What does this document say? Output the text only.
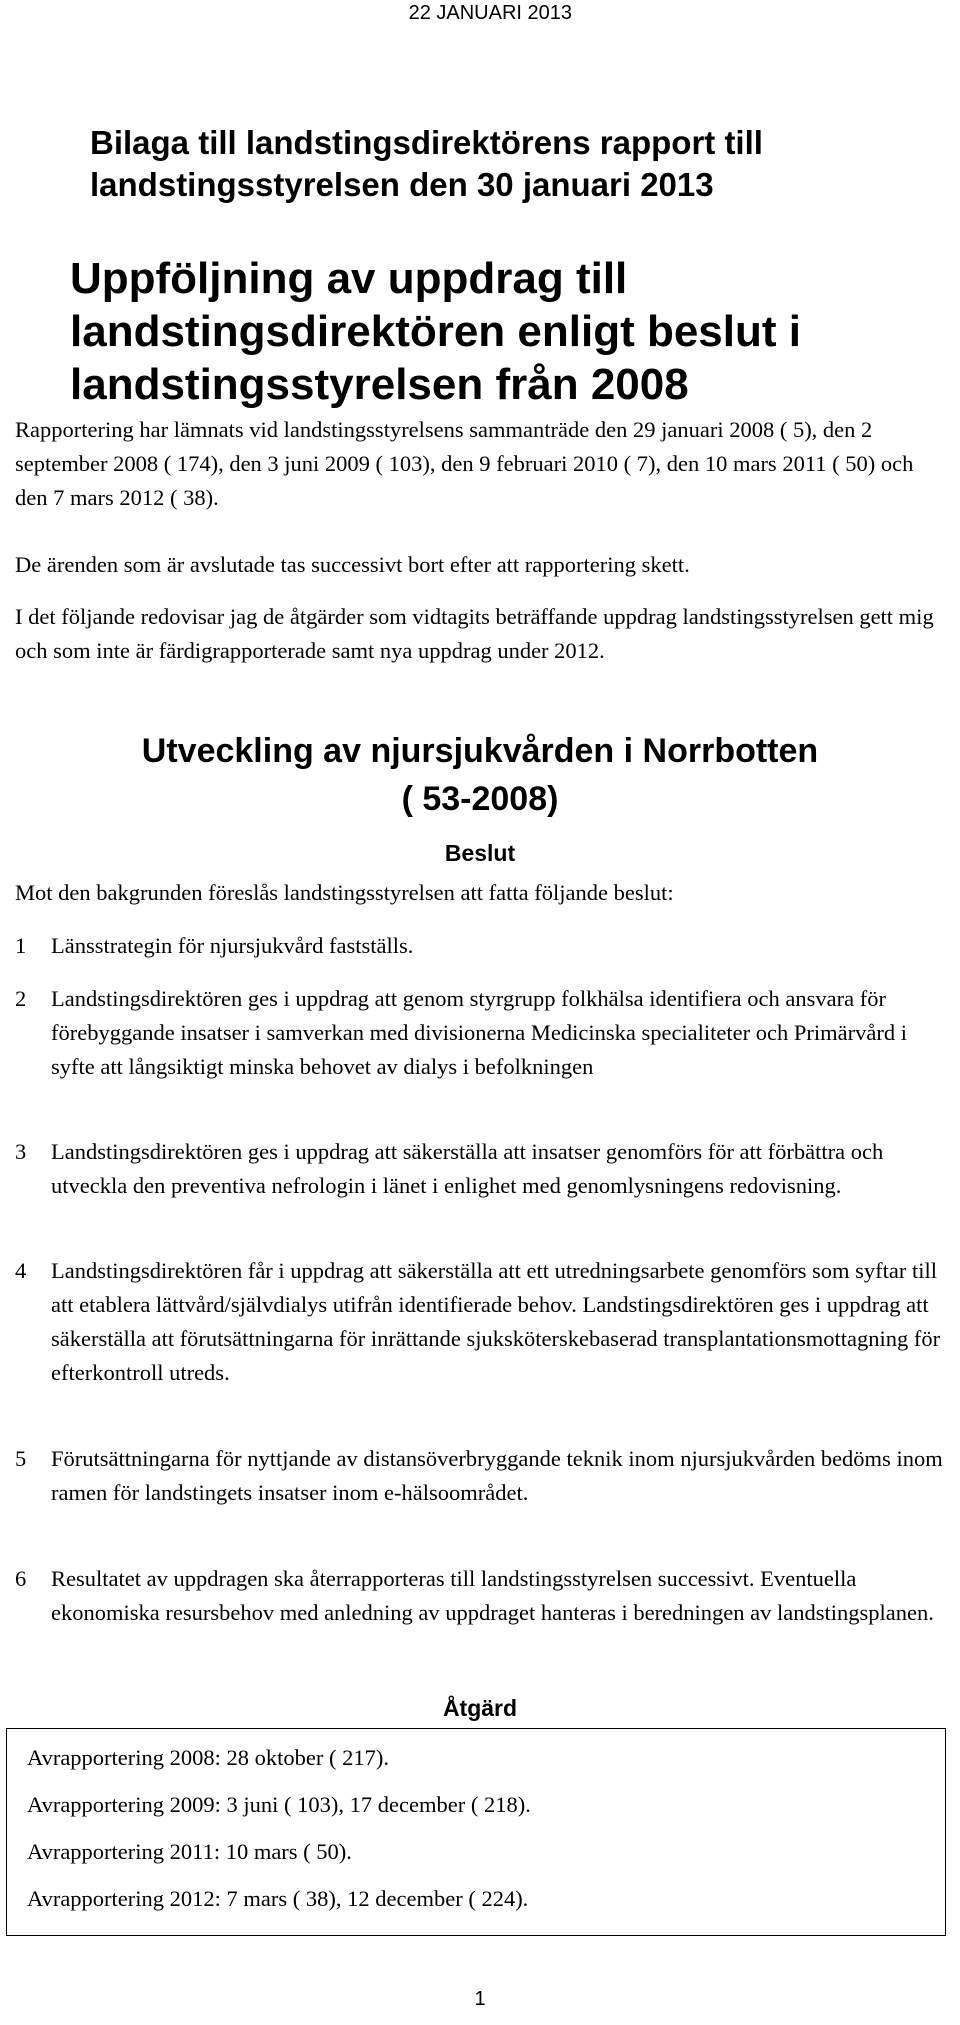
22 JANUARI 2013
Bilaga till landstingsdirektörens rapport till landstingsstyrelsen den 30 januari 2013
Uppföljning av uppdrag till landstingsdirektören enligt beslut i landstingsstyrelsen från 2008
Rapportering har lämnats vid landstingsstyrelsens sammanträde den 29 januari 2008 ( 5), den 2 september 2008 ( 174), den 3 juni 2009 ( 103), den 9 februari 2010 ( 7), den 10 mars 2011 ( 50) och den 7 mars 2012 ( 38).
De ärenden som är avslutade tas successivt bort efter att rapportering skett.
I det följande redovisar jag de åtgärder som vidtagits beträffande uppdrag landstingsstyrelsen gett mig och som inte är färdigrapporterade samt nya uppdrag under 2012.
Utveckling av njursjukvården i Norrbotten
( 53-2008)
Beslut
Mot den bakgrunden föreslås landstingsstyrelsen att fatta följande beslut:
1	Länsstrategin för njursjukvård fastställs.
2	Landstingsdirektören ges i uppdrag att genom styrgrupp folkhälsa identifiera och ansvara för förebyggande insatser i samverkan med divisionerna Medicinska specialiteter och Primärvård i syfte att långsiktigt minska behovet av dialys i befolkningen
3	Landstingsdirektören ges i uppdrag att säkerställa att insatser genomförs för att förbättra och utveckla den preventiva nefrologin i länet i enlighet med genomlysningens redovisning.
4	Landstingsdirektören får i uppdrag att säkerställa att ett utredningsarbete genomförs som syftar till att etablera lättvård/självdialys utifrån identifierade behov. Landstingsdirektören ges i uppdrag att säkerställa att förutsättningarna för inrättande sjuksköterskebaserad transplantationsmottagning för efterkontroll utreds.
5	Förutsättningarna för nyttjande av distansöverbryggande teknik inom njursjukvården bedöms inom ramen för landstingets insatser inom e-hälsoområdet.
6	Resultatet av uppdragen ska återrapporteras till landstingsstyrelsen successivt. Eventuella ekonomiska resursbehov med anledning av uppdraget hanteras i beredningen av landstingsplanen.
Åtgärd
Avrapportering 2008: 28 oktober ( 217).
Avrapportering 2009: 3 juni ( 103), 17 december ( 218).
Avrapportering 2011: 10 mars ( 50).
Avrapportering 2012: 7 mars ( 38), 12 december ( 224).
1
